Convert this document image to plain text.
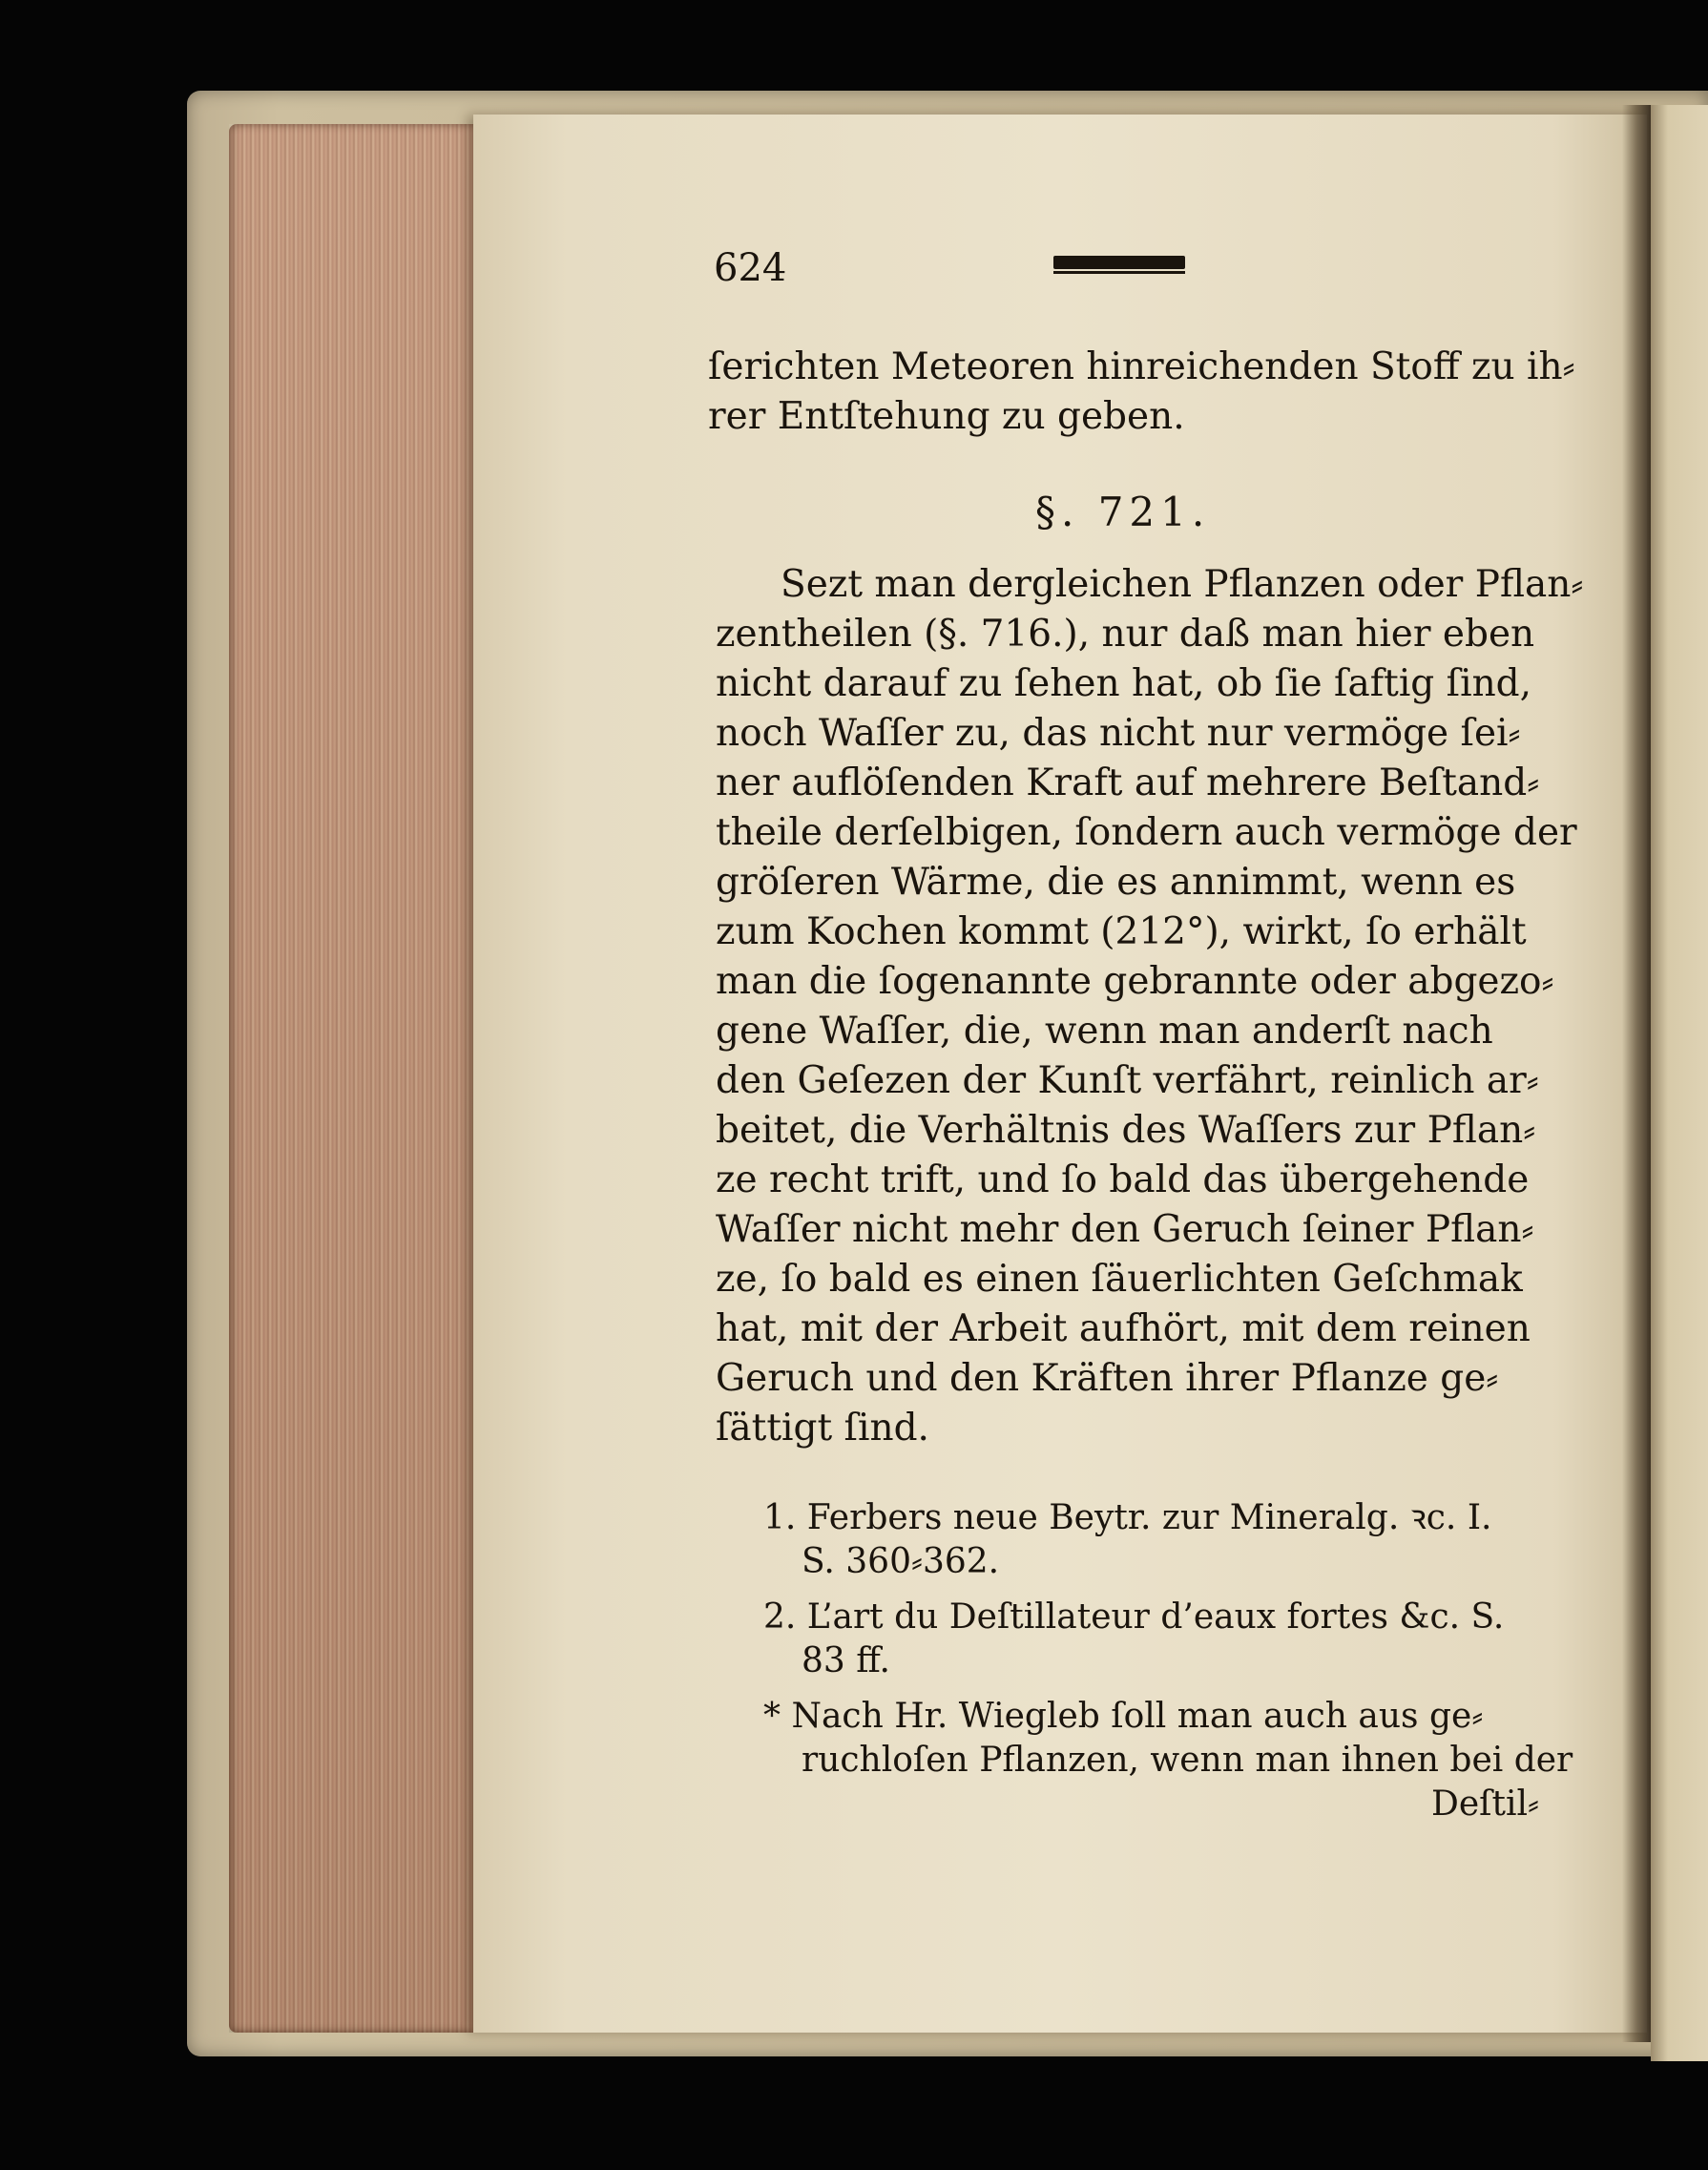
624
ſerichten Meteoren hinreichenden Stoff zu ih⸗
rer Entſtehung zu geben.
§. 721.
Sezt man dergleichen Pflanzen oder Pflan⸗
zentheilen (§. 716.), nur daß man hier eben
nicht darauf zu ſehen hat, ob ſie ſaftig ſind,
noch Waſſer zu, das nicht nur vermöge ſei⸗
ner auflöſenden Kraft auf mehrere Beſtand⸗
theile derſelbigen, ſondern auch vermöge der
gröſeren Wärme, die es annimmt, wenn es
zum Kochen kommt (212°), wirkt, ſo erhält
man die ſogenannte gebrannte oder abgezo⸗
gene Waſſer, die, wenn man anderſt nach
den Geſezen der Kunſt verfährt, reinlich ar⸗
beitet, die Verhältnis des Waſſers zur Pflan⸗
ze recht trift, und ſo bald das übergehende
Waſſer nicht mehr den Geruch ſeiner Pflan⸗
ze, ſo bald es einen ſäuerlichten Geſchmak
hat, mit der Arbeit aufhört, mit dem reinen
Geruch und den Kräften ihrer Pflanze ge⸗
ſättigt ſind.
1. Ferbers neue Beytr. zur Mineralg. ꝛc. I.
S. 360⸗362.
2. L’art du Deſtillateur d’eaux fortes &c. S.
83 ff.
* Nach Hr. Wiegleb ſoll man auch aus ge⸗
ruchloſen Pflanzen, wenn man ihnen bei der
Deſtil⸗
